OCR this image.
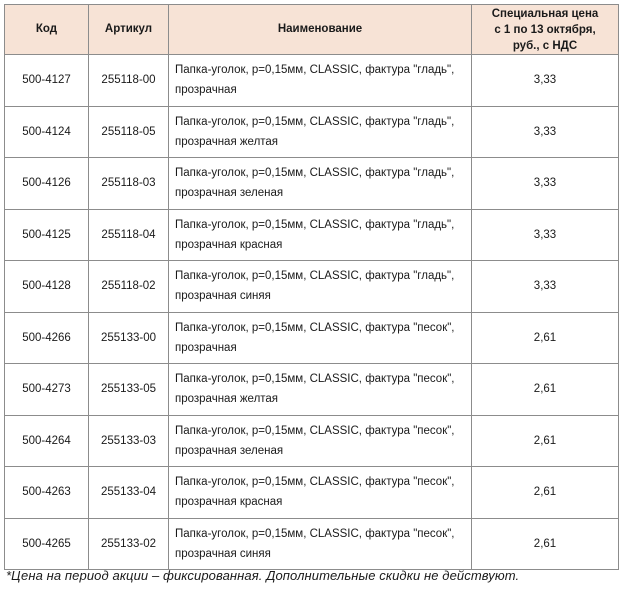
Код	Артикул	Наименование	Специальная цена
с 1 по 13 октября,
руб., с НДС
500-4127	255118-00	Папка-уголок, р=0,15мм, CLASSIC, фактура "гладь",
прозрачная	3,33
500-4124	255118-05	Папка-уголок, р=0,15мм, CLASSIC, фактура "гладь",
прозрачная желтая	3,33
500-4126	255118-03	Папка-уголок, р=0,15мм, CLASSIC, фактура "гладь",
прозрачная зеленая	3,33
500-4125	255118-04	Папка-уголок, р=0,15мм, CLASSIC, фактура "гладь",
прозрачная красная	3,33
500-4128	255118-02	Папка-уголок, р=0,15мм, CLASSIC, фактура "гладь",
прозрачная синяя	3,33
500-4266	255133-00	Папка-уголок, р=0,15мм, CLASSIC, фактура "песок",
прозрачная	2,61
500-4273	255133-05	Папка-уголок, р=0,15мм, CLASSIC, фактура "песок",
прозрачная желтая	2,61
500-4264	255133-03	Папка-уголок, р=0,15мм, CLASSIC, фактура "песок",
прозрачная зеленая	2,61
500-4263	255133-04	Папка-уголок, р=0,15мм, CLASSIC, фактура "песок",
прозрачная красная	2,61
500-4265	255133-02	Папка-уголок, р=0,15мм, CLASSIC, фактура "песок",
прозрачная синяя	2,61
*Цена на период акции – фиксированная. Дополнительные скидки не действуют.
